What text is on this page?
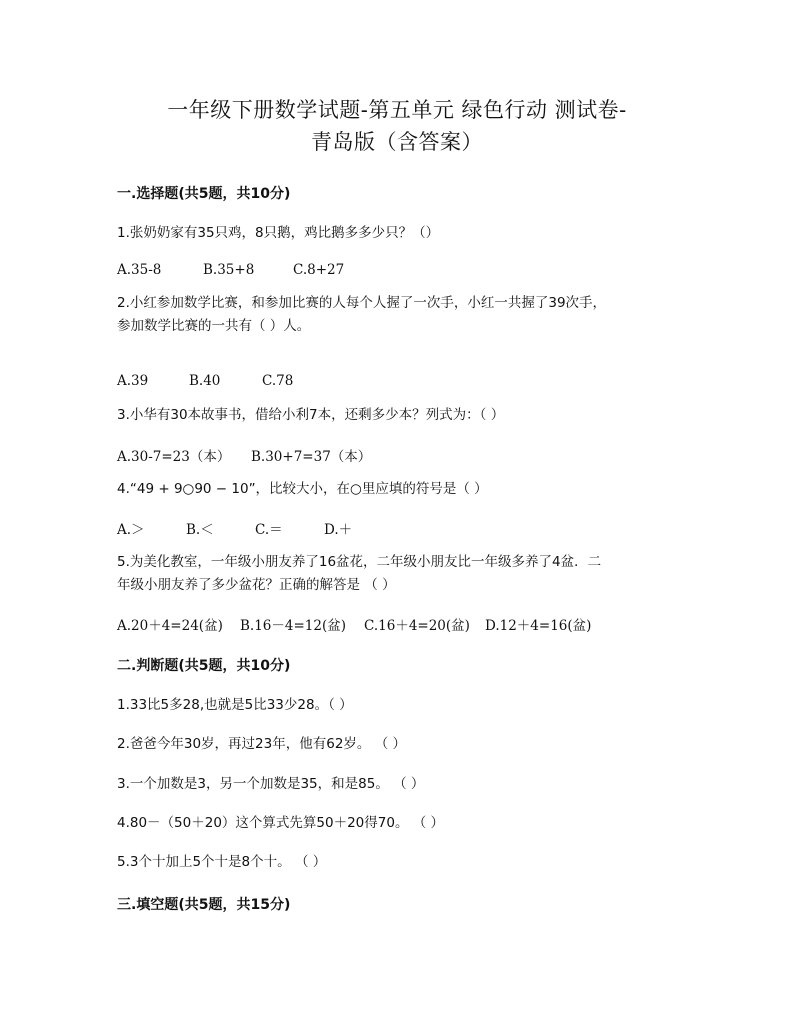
一年级下册数学试题-第五单元 绿色行动 测试卷-
青岛版（含答案）
一.选择题(共5题，共10分)
1.张奶奶家有35只鸡，8只鹅，鸡比鹅多多少只？（）
A.35-8	B.35+8	C.8+27
2.小红参加数学比赛，和参加比赛的人每个人握了一次手，小红一共握了39次手，
参加数学比赛的一共有（ ）人。
A.39	B.40	C.78
3.小华有30本故事书，借给小利7本，还剩多少本？列式为：（ ）
A.30-7=23（本） B.30+7=37（本）
4.“49 + 9○90 − 10”，比较大小，在○里应填的符号是（ ）
A.＞	B.＜	C.＝	D.＋
5.为美化教室，一年级小朋友养了16盆花，二年级小朋友比一年级多养了4盆．二
年级小朋友养了多少盆花？正确的解答是 （ ）
A.20＋4=24(盆) B.16－4=12(盆) C.16＋4=20(盆) D.12＋4=16(盆)
二.判断题(共5题，共10分)
1.33比5多28,也就是5比33少28。（ ）
2.爸爸今年30岁，再过23年，他有62岁。 （ ）
3.一个加数是3，另一个加数是35，和是85。 （ ）
4.80－（50＋20）这个算式先算50＋20得70。 （ ）
5.3个十加上5个十是8个十。 （ ）
三.填空题(共5题，共15分)
